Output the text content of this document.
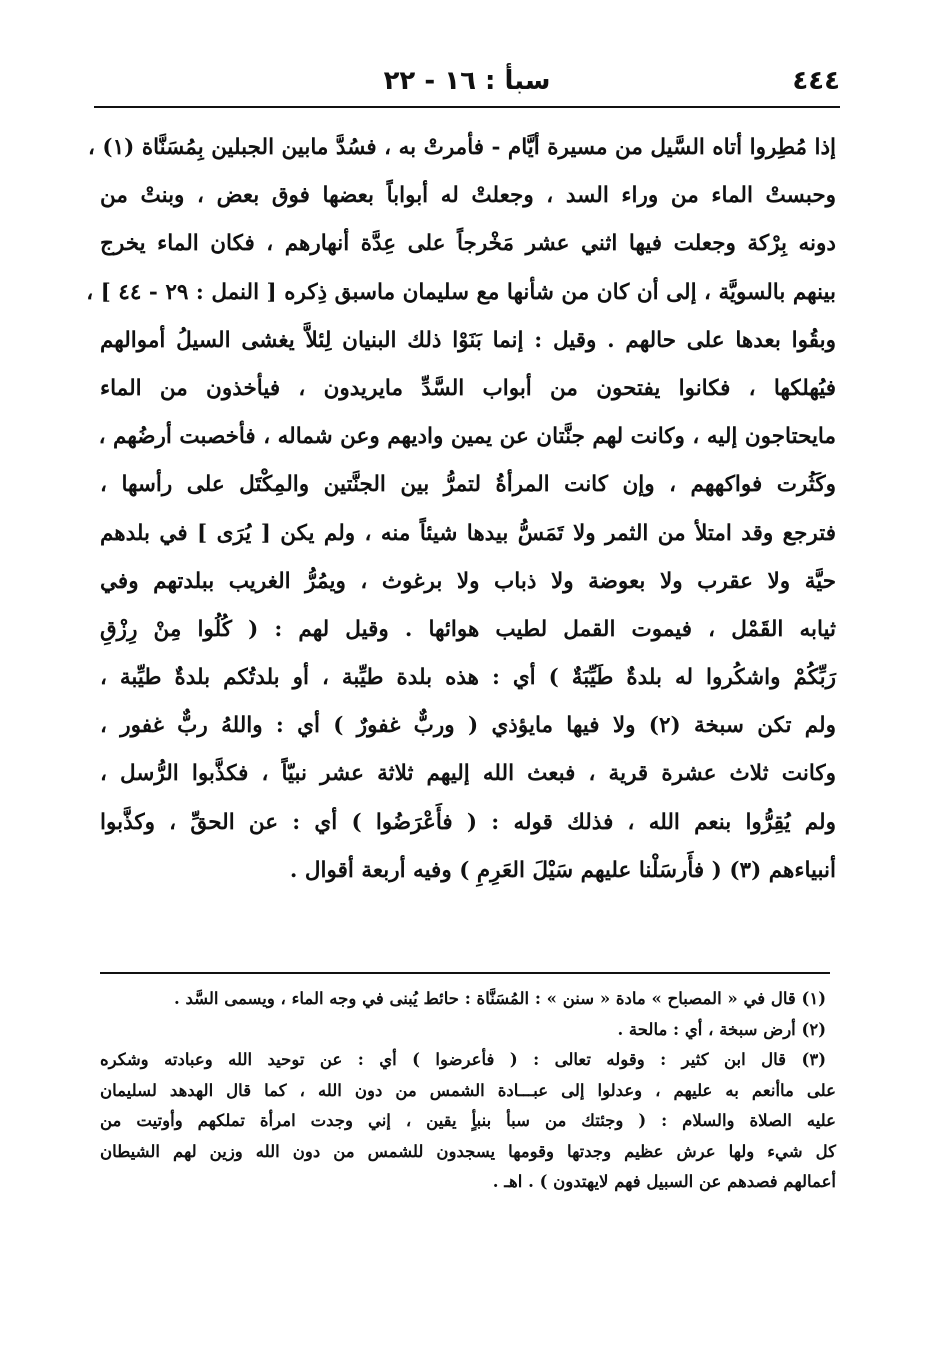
٤٤٤
سبأ : ١٦ - ٢٢
إذا مُطِروا أتاه السَّيل من مسيرة أيَّام - فأمرتْ به ، فسُدَّ مابين الجبلين بِمُسَنَّاة (١) ،
وحبستْ الماء من وراء السد ، وجعلتْ له أبواباً بعضها فوق بعض ، وبنتْ من
دونه بِرْكة وجعلت فيها اثني عشر مَخْرجاً على عِدَّة أنهارهم ، فكان الماء يخرج
بينهم بالسويَّة ، إلى أن كان من شأنها مع سليمان ماسبق ذِكره [ النمل : ٢٩ - ٤٤ ] ،
وبقُوا بعدها على حالهم . وقيل : إنما بَنَوْا ذلك البنيان لِئلاَّ يغشى السيلُ أموالهم
فيُهلكها ، فكانوا يفتحون من أبواب السَّدِّ مايريدون ، فيأخذون من الماء
مايحتاجون إليه ، وكانت لهم جنَّتان عن يمين واديهم وعن شماله ، فأخصبت أرضُهم ،
وكَثُرت فواكههم ، وإن كانت المرأةُ لتمرُّ بين الجنَّتين والمِكْتَل على رأسها ،
فترجع وقد امتلأ من الثمر ولا تَمَسُّ بيدها شيئاً منه ، ولم يكن [ يُرَى ] في بلدهم
حيَّة ولا عقرب ولا بعوضة ولا ذباب ولا برغوث ، ويمُرُّ الغريب ببلدتهم وفي
ثيابه القَمْل ، فيموت القمل لطيب هوائها . وقيل لهم : ( كُلُوا مِنْ رِزْقِ
رَبِّكُمْ واشكُروا له بلدةٌ طَيِّبَةٌ ) أي : هذه بلدة طيِّبة ، أو بلدتُكم بلدةٌ طيِّبة ،
ولم تكن سبخة (٢) ولا فيها مايؤذي ( وربٌّ غفورٌ ) أي : واللهُ ربٌّ غفور ،
وكانت ثلاث عشرة قرية ، فبعث الله إليهم ثلاثة عشر نبيّاً ، فكذَّبوا الرُّسل ،
ولم يُقِرُّوا بنعم الله ، فذلك قوله : ( فأَعْرَضُوا ) أي : عن الحقِّ ، وكذَّبوا
أنبياءهم (٣) ( فأَرسَلْنا عليهم سَيْلَ العَرِمِ ) وفيه أربعة أقوال .
(١) قال في « المصباح » مادة « سنن » : المُسَنَّاة : حائط يُبنى في وجه الماء ، ويسمى السَّد .
(٢) أرض سبخة ، أي : مالحة .
(٣) قال ابن كثير : وقوله تعالى : ( فأعرضوا ) أي : عن توحيد الله وعبادته وشكره
على ماأنعم به عليهم ، وعدلوا إلى عبـــادة الشمس من دون الله ، كما قال الهدهد لسليمان
عليه الصلاة والسلام : ( وجئتك من سبأ بنبأٍ يقين ، إني وجدت امرأة تملكهم وأوتيت من
كل شيء ولها عرش عظيم وجدتها وقومها يسجدون للشمس من دون الله وزين لهم الشيطان
أعمالهم فصدهم عن السبيل فهم لايهتدون ) . اهـ .
